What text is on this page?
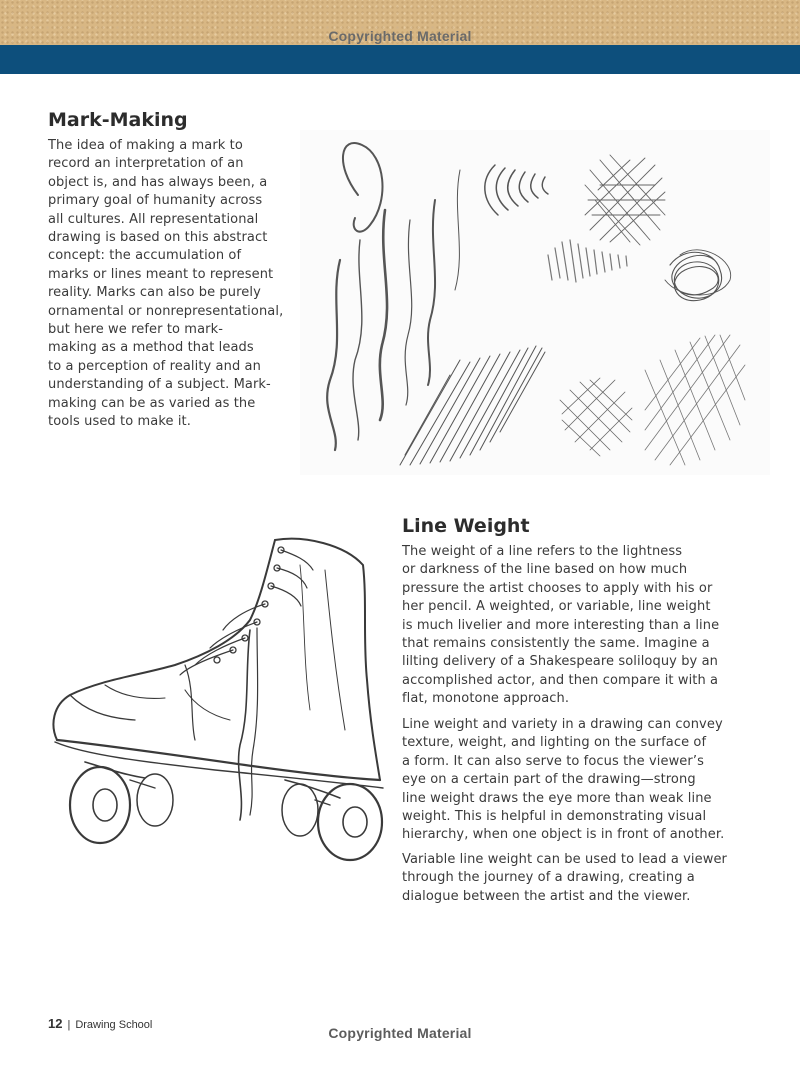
Copyrighted Material
Mark-Making
The idea of making a mark to
record an interpretation of an
object is, and has always been, a
primary goal of humanity across
all cultures. All representational
drawing is based on this abstract
concept: the accumulation of
marks or lines meant to represent
reality. Marks can also be purely
ornamental or nonrepresentational,
but here we refer to mark-
making as a method that leads
to a perception of reality and an
understanding of a subject. Mark-
making can be as varied as the
tools used to make it.
Line Weight
The weight of a line refers to the lightness
or darkness of the line based on how much
pressure the artist chooses to apply with his or
her pencil. A weighted, or variable, line weight
is much livelier and more interesting than a line
that remains consistently the same. Imagine a
lilting delivery of a Shakespeare soliloquy by an
accomplished actor, and then compare it with a
flat, monotone approach.
Line weight and variety in a drawing can convey
texture, weight, and lighting on the surface of
a form. It can also serve to focus the viewer’s
eye on a certain part of the drawing—strong
line weight draws the eye more than weak line
weight. This is helpful in demonstrating visual
hierarchy, when one object is in front of another.
Variable line weight can be used to lead a viewer
through the journey of a drawing, creating a
dialogue between the artist and the viewer.
12 | Drawing School	Copyrighted Material
